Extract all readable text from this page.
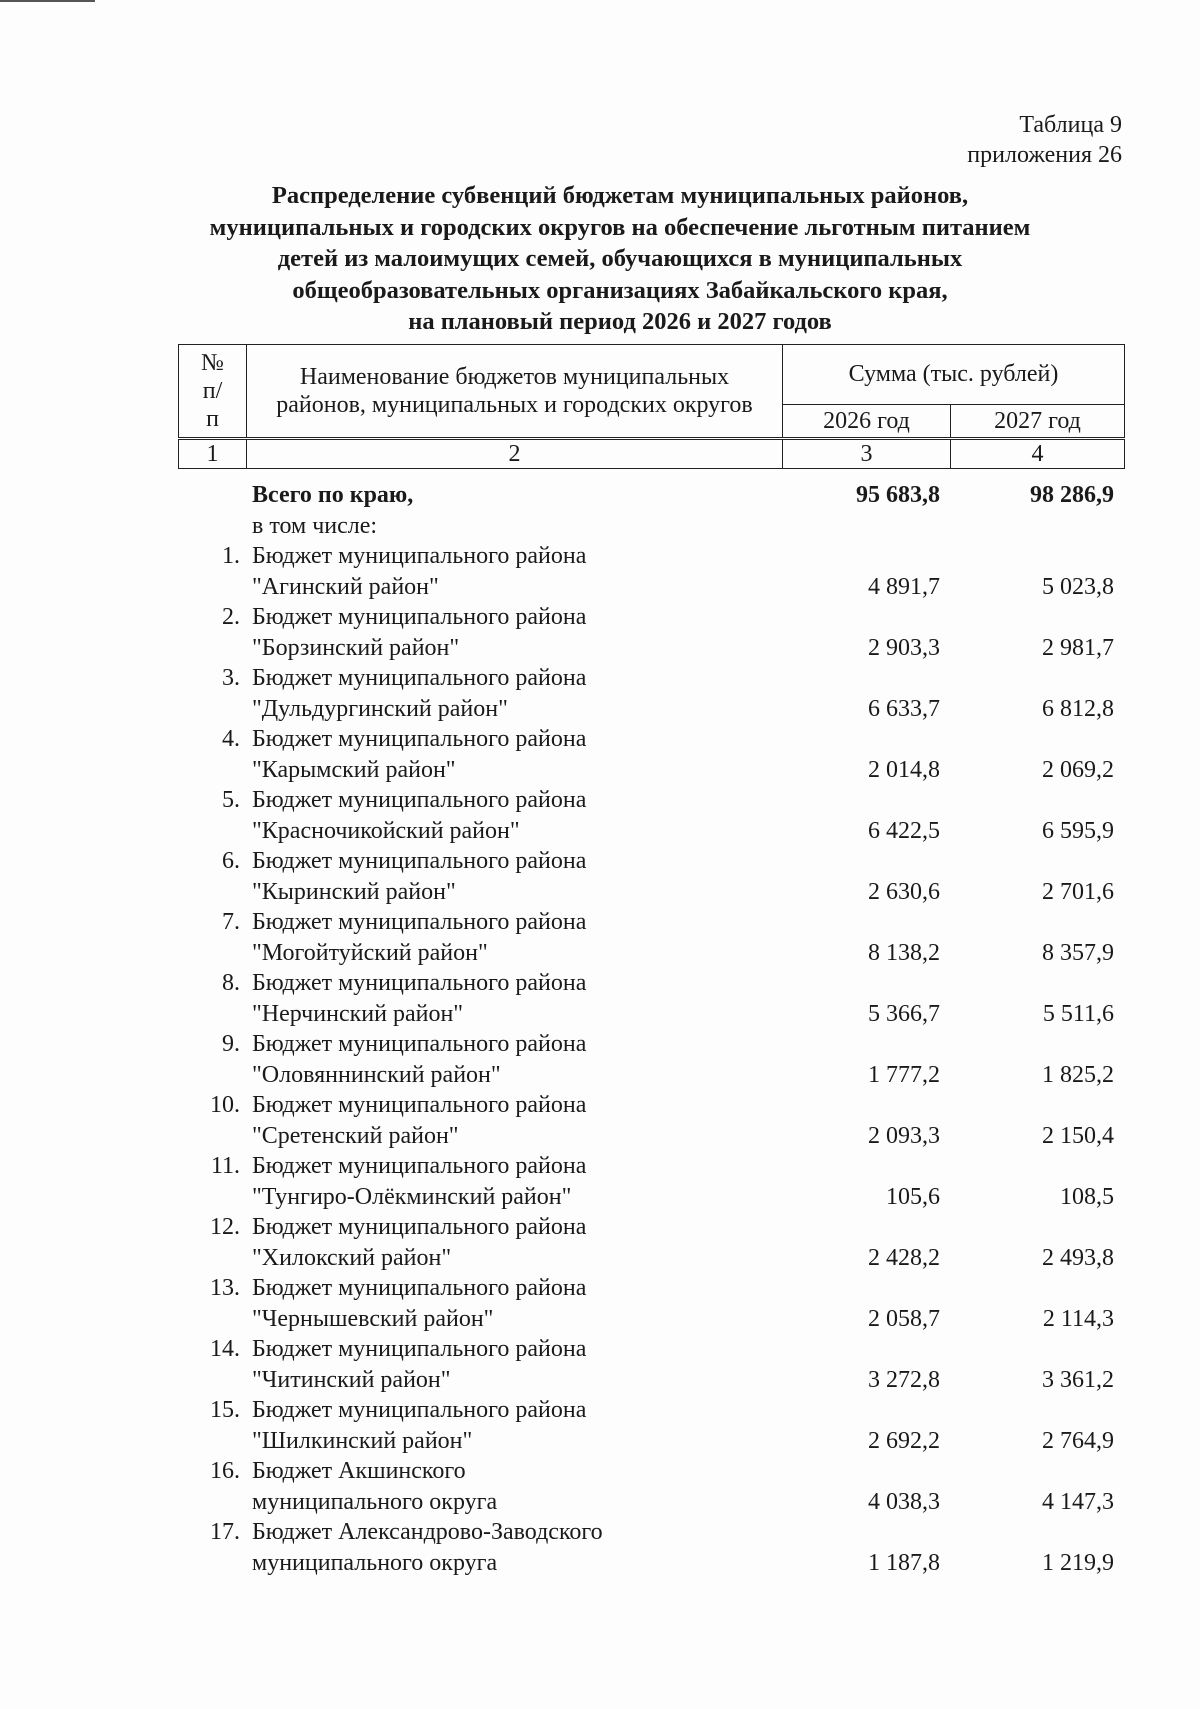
Таблица 9
приложения 26
Распределение субвенций бюджетам муниципальных районов,
муниципальных и городских округов на обеспечение льготным питанием
детей из малоимущих семей, обучающихся в муниципальных
общеобразовательных организациях Забайкальского края,
на плановый период 2026 и 2027 годов
№ п/п	Наименование бюджетов муниципальных районов, муниципальных и городских округов	Сумма (тыс. рублей)	
		2026 год	2027 год
1	2	3	4
	Всего по краю,	95 683,8	98 286,9
	в том числе:		
1.	Бюджет муниципального района		
	"Агинский район"	4 891,7	5 023,8
2.	Бюджет муниципального района		
	"Борзинский район"	2 903,3	2 981,7
3.	Бюджет муниципального района		
	"Дульдургинский район"	6 633,7	6 812,8
4.	Бюджет муниципального района		
	"Карымский район"	2 014,8	2 069,2
5.	Бюджет муниципального района		
	"Красночикойский район"	6 422,5	6 595,9
6.	Бюджет муниципального района		
	"Кыринский район"	2 630,6	2 701,6
7.	Бюджет муниципального района		
	"Могойтуйский район"	8 138,2	8 357,9
8.	Бюджет муниципального района		
	"Нерчинский район"	5 366,7	5 511,6
9.	Бюджет муниципального района		
	"Оловяннинский район"	1 777,2	1 825,2
10.	Бюджет муниципального района		
	"Сретенский район"	2 093,3	2 150,4
11.	Бюджет муниципального района		
	"Тунгиро-Олёкминский район"	105,6	108,5
12.	Бюджет муниципального района		
	"Хилокский район"	2 428,2	2 493,8
13.	Бюджет муниципального района		
	"Чернышевский район"	2 058,7	2 114,3
14.	Бюджет муниципального района		
	"Читинский район"	3 272,8	3 361,2
15.	Бюджет муниципального района		
	"Шилкинский район"	2 692,2	2 764,9
16.	Бюджет Акшинского		
	муниципального округа	4 038,3	4 147,3
17.	Бюджет Александрово-Заводского		
	муниципального округа	1 187,8	1 219,9
